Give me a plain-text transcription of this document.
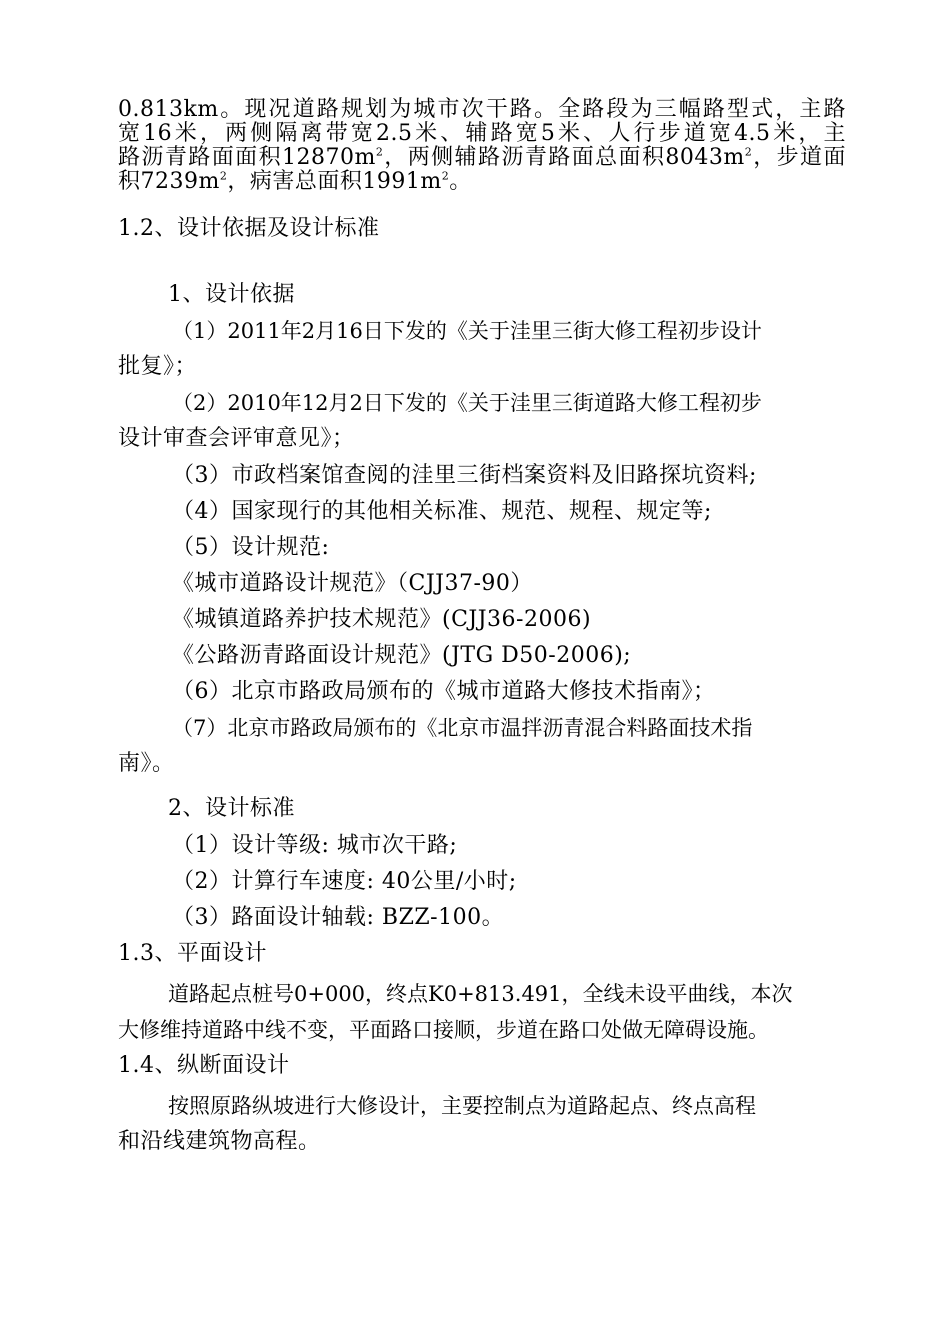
0.813km。现况道路规划为城市次干路。全路段为三幅路型式，主路
宽16米，两侧隔离带宽2.5米、辅路宽5米、人行步道宽4.5米，主
路沥青路面面积$12870m^2$，两侧辅路沥青路面总面积$8043m^2$，步道面
积$7239m^2$，病害总面积$1991m^2$。
1.2、设计依据及设计标准
1、设计依据
（1）2011年2月16日下发的《关于洼里三街大修工程初步设计
批复》；
（2）2010年12月2日下发的《关于洼里三街道路大修工程初步
设计审查会评审意见》；
（3）市政档案馆查阅的洼里三街档案资料及旧路探坑资料;
（4）国家现行的其他相关标准、规范、规程、规定等;
（5）设计规范:
《城市道路设计规范》（CJJ37-90）
《城镇道路养护技术规范》(CJJ36-2006)
《公路沥青路面设计规范》(JTG D50-2006);
（6）北京市路政局颁布的《城市道路大修技术指南》；
（7）北京市路政局颁布的《北京市温拌沥青混合料路面技术指
南》。
2、设计标准
（1）设计等级: 城市次干路;
（2）计算行车速度: 40公里/小时;
（3）路面设计轴载: BZZ-100。
1.3、平面设计
道路起点桩号0+000，终点K0+813.491，全线未设平曲线，本次
大修维持道路中线不变，平面路口接顺，步道在路口处做无障碍设施。
1.4、纵断面设计
按照原路纵坡进行大修设计，主要控制点为道路起点、终点高程
和沿线建筑物高程。
